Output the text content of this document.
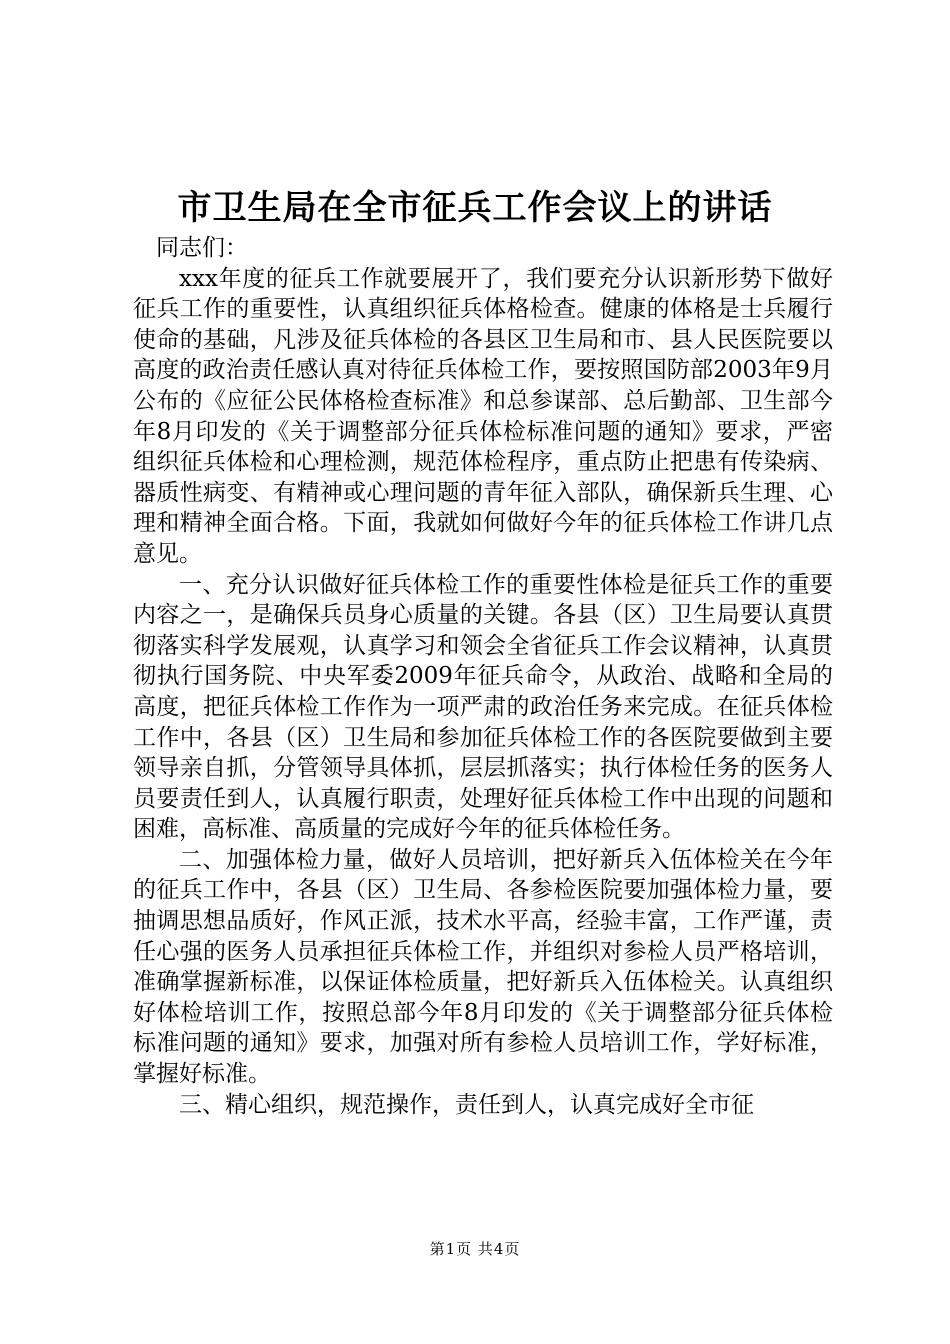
市卫生局在全市征兵工作会议上的讲话

同志们：

xxx年度的征兵工作就要展开了，我们要充分认识新形势下做好征兵工作的重要性，认真组织征兵体格检查。健康的体格是士兵履行使命的基础，凡涉及征兵体检的各县区卫生局和市、县人民医院要以高度的政治责任感认真对待征兵体检工作，要按照国防部2003年9月公布的《应征公民体格检查标准》和总参谋部、总后勤部、卫生部今年8月印发的《关于调整部分征兵体检标准问题的通知》要求，严密组织征兵体检和心理检测，规范体检程序，重点防止把患有传染病、器质性病变、有精神或心理问题的青年征入部队，确保新兵生理、心理和精神全面合格。下面，我就如何做好今年的征兵体检工作讲几点意见。

一、充分认识做好征兵体检工作的重要性体检是征兵工作的重要内容之一，是确保兵员身心质量的关键。各县（区）卫生局要认真贯彻落实科学发展观，认真学习和领会全省征兵工作会议精神，认真贯彻执行国务院、中央军委2009年征兵命令，从政治、战略和全局的高度，把征兵体检工作作为一项严肃的政治任务来完成。在征兵体检工作中，各县（区）卫生局和参加征兵体检工作的各医院要做到主要领导亲自抓，分管领导具体抓，层层抓落实；执行体检任务的医务人员要责任到人，认真履行职责，处理好征兵体检工作中出现的问题和困难，高标准、高质量的完成好今年的征兵体检任务。

二、加强体检力量，做好人员培训，把好新兵入伍体检关在今年的征兵工作中，各县（区）卫生局、各参检医院要加强体检力量，要抽调思想品质好，作风正派，技术水平高，经验丰富，工作严谨，责任心强的医务人员承担征兵体检工作，并组织对参检人员严格培训，准确掌握新标准，以保证体检质量，把好新兵入伍体检关。认真组织好体检培训工作，按照总部今年8月印发的《关于调整部分征兵体检标准问题的通知》要求，加强对所有参检人员培训工作，学好标准，掌握好标准。

三、精心组织，规范操作，责任到人，认真完成好全市征

第1页 共4页
